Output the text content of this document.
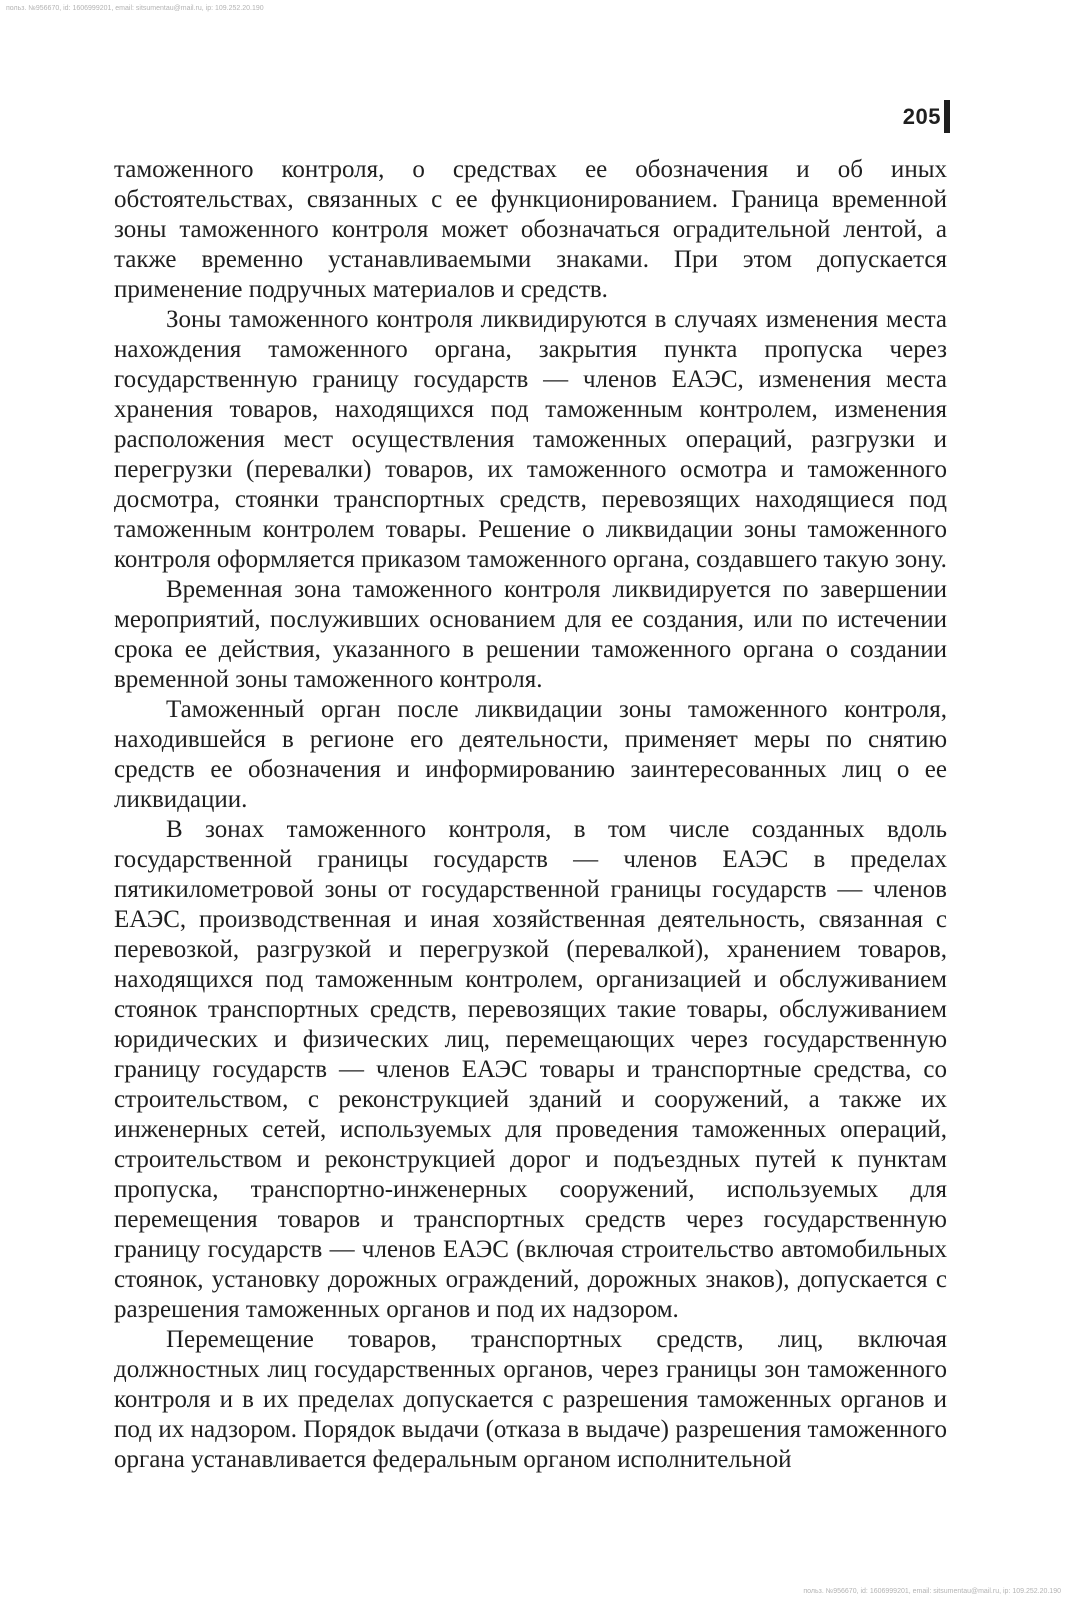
польз. №956670, id: 1606999201, email: sitsumentau@mail.ru, ip: 109.252.20.190
205

таможенного контроля, о средствах ее обозначения и об иных обстоятельствах, связанных с ее функционированием. Граница временной зоны таможенного контроля может обозначаться оградительной лентой, а также временно устанавливаемыми знаками. При этом допускается применение подручных материалов и средств.

Зоны таможенного контроля ликвидируются в случаях изменения места нахождения таможенного органа, закрытия пункта пропуска через государственную границу государств — членов ЕАЭС, изменения места хранения товаров, находящихся под таможенным контролем, изменения расположения мест осуществления таможенных операций, разгрузки и перегрузки (перевалки) товаров, их таможенного осмотра и таможенного досмотра, стоянки транспортных средств, перевозящих находящиеся под таможенным контролем товары. Решение о ликвидации зоны таможенного контроля оформляется приказом таможенного органа, создавшего такую зону.

Временная зона таможенного контроля ликвидируется по завершении мероприятий, послуживших основанием для ее создания, или по истечении срока ее действия, указанного в решении таможенного органа о создании временной зоны таможенного контроля.

Таможенный орган после ликвидации зоны таможенного контроля, находившейся в регионе его деятельности, применяет меры по снятию средств ее обозначения и информированию заинтересованных лиц о ее ликвидации.

В зонах таможенного контроля, в том числе созданных вдоль государственной границы государств — членов ЕАЭС в пределах пятикилометровой зоны от государственной границы государств — членов ЕАЭС, производственная и иная хозяйственная деятельность, связанная с перевозкой, разгрузкой и перегрузкой (перевалкой), хранением товаров, находящихся под таможенным контролем, организацией и обслуживанием стоянок транспортных средств, перевозящих такие товары, обслуживанием юридических и физических лиц, перемещающих через государственную границу государств — членов ЕАЭС товары и транспортные средства, со строительством, с реконструкцией зданий и сооружений, а также их инженерных сетей, используемых для проведения таможенных операций, строительством и реконструкцией дорог и подъездных путей к пунктам пропуска, транспортно-инженерных сооружений, используемых для перемещения товаров и транспортных средств через государственную границу государств — членов ЕАЭС (включая строительство автомобильных стоянок, установку дорожных ограждений, дорожных знаков), допускается с разрешения таможенных органов и под их надзором.

Перемещение товаров, транспортных средств, лиц, включая должностных лиц государственных органов, через границы зон таможенного контроля и в их пределах допускается с разрешения таможенных органов и под их надзором. Порядок выдачи (отказа в выдаче) разрешения таможенного органа устанавливается федеральным органом исполнительной

польз. №956670, id: 1606999201, email: sitsumentau@mail.ru, ip: 109.252.20.190
